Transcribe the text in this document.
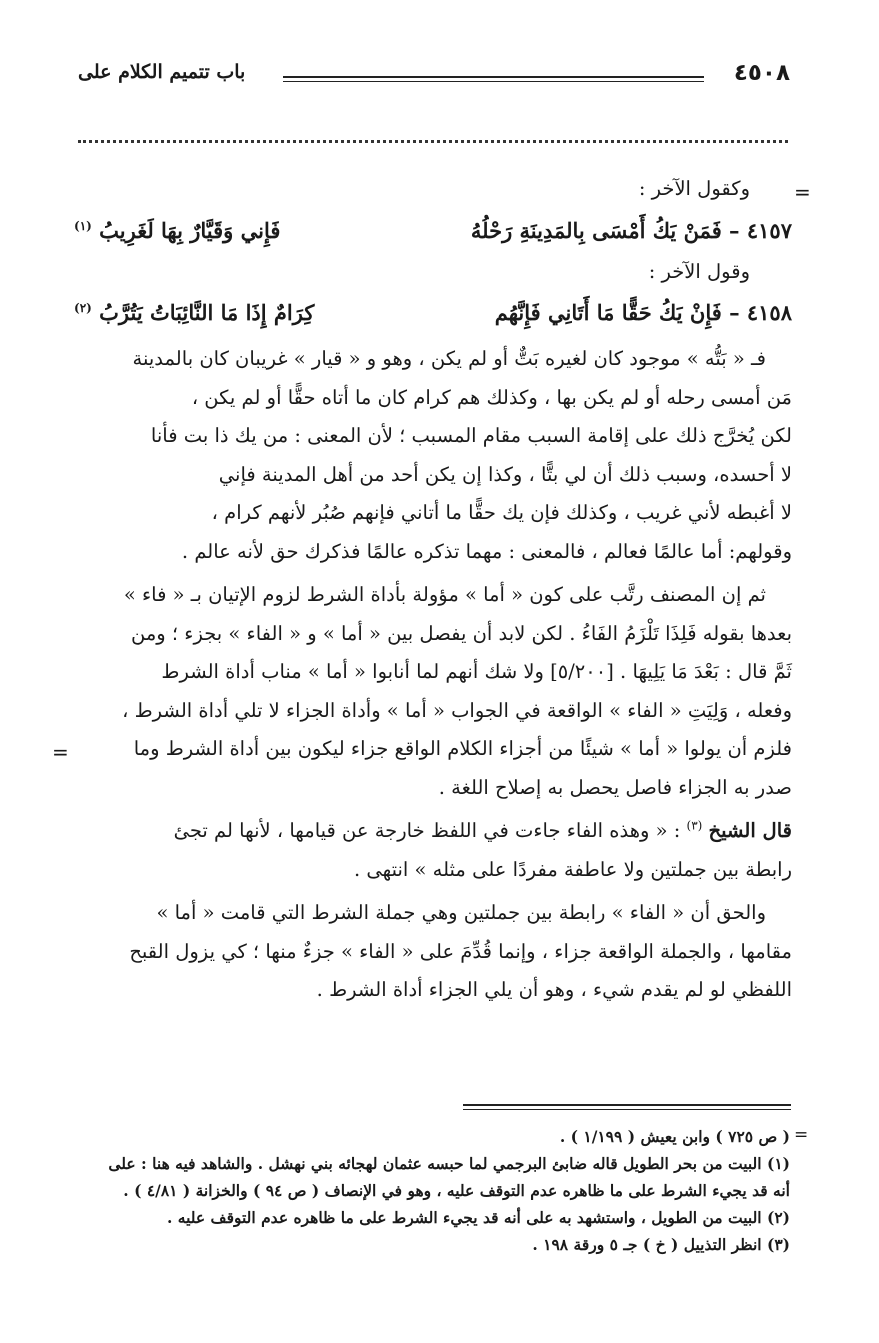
٤٥٠٨
باب تتميم الكلام على
=
=
وكقول الآخر :
٤١٥٧ – فَمَنْ يَكُ أَمْسَى بِالمَدِينَةِ رَحْلُهُ
فَإِني وَقَيَّارٌ بِهَا لَغَرِيبُ $^{(١)}$
وقول الآخر :
٤١٥٨ – فَإِنْ يَكُ حَقًّا مَا أَتَانِي فَإِنَّهُم
كِرَامٌ إِذَا مَا النَّائِبَاتُ يَتُرَّبُ $^{(٢)}$
فـ « بَتُّه » موجود كان لغيره بَتٌّ أو لم يكن ، وهو و « قيار » غريبان كان بالمدينة
مَن أمسى رحله أو لم يكن بها ، وكذلك هم كرام كان ما أتاه حقًّا أو لم يكن ،
لكن يُخرَّج ذلك على إقامة السبب مقام المسبب ؛ لأن المعنى : من يك ذا بت فأنا
لا أحسده، وسبب ذلك أن لي بتًّا ، وكذا إن يكن أحد من أهل المدينة فإني
لا أغبطه لأني غريب ، وكذلك فإن يك حقًّا ما أتاني فإنهم صُبُر لأنهم كرام ،
وقولهم: أما عالمًا فعالم ، فالمعنى : مهما تذكره عالمًا فذكرك حق لأنه عالم .
ثم إن المصنف رتَّب على كون « أما » مؤولة بأداة الشرط لزوم الإتيان بـ « فاء »
بعدها بقوله فَلِذَا تَلْزَمُ الفَاءُ . لكن لابد أن يفصل بين « أما » و « الفاء » بجزء ؛ ومن
ثَمَّ قال : بَعْدَ مَا يَلِيهَا . [٥/٢٠٠] ولا شك أنهم لما أنابوا « أما » مناب أداة الشرط
وفعله ، وَلِيَتِ « الفاء » الواقعة في الجواب « أما » وأداة الجزاء لا تلي أداة الشرط ،
فلزم أن يولوا « أما » شيئًا من أجزاء الكلام الواقع جزاء ليكون بين أداة الشرط وما
صدر به الجزاء فاصل يحصل به إصلاح اللغة .
قال الشيخ $^{(٣)}$ : « وهذه الفاء جاءت في اللفظ خارجة عن قيامها ، لأنها لم تجئ
رابطة بين جملتين ولا عاطفة مفردًا على مثله » انتهى .
والحق أن « الفاء » رابطة بين جملتين وهي جملة الشرط التي قامت « أما »
مقامها ، والجملة الواقعة جزاء ، وإنما قُدِّمَ على « الفاء » جزءٌ منها ؛ كي يزول القبح
اللفظي لو لم يقدم شيء ، وهو أن يلي الجزاء أداة الشرط .
=
( ص ٧٢٥ ) وابن يعيش ( ١/١٩٩ ) .
(١) البيت من بحر الطويل قاله ضابئ البرجمي لما حبسه عثمان لهجائه بني نهشل . والشاهد فيه هنا : على
أنه قد يجيء الشرط على ما ظاهره عدم التوقف عليه ، وهو في الإنصاف ( ص ٩٤ ) والخزانة ( ٤/٨١ ) .
(٢) البيت من الطويل ، واستشهد به على أنه قد يجيء الشرط على ما ظاهره عدم التوقف عليه .
(٣) انظر التذييل ( خ ) جـ ٥ ورقة ١٩٨ .
